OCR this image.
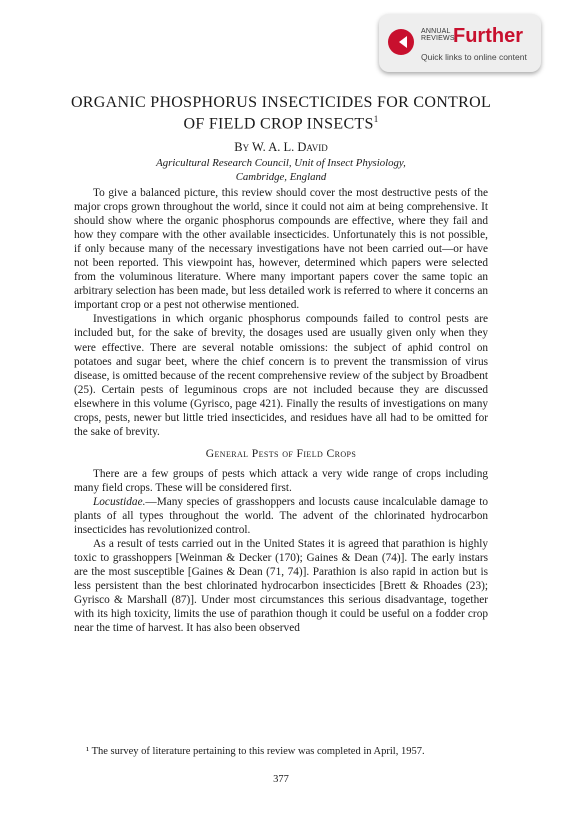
ANNUAL
REVIEWS
Further
Quick links to online content
ORGANIC PHOSPHORUS INSECTICIDES FOR CONTROL
OF FIELD CROP INSECTS$^1$
By W. A. L. David
Agricultural Research Council, Unit of Insect Physiology,
Cambridge, England

To give a balanced picture, this review should cover the most destructive pests of the major crops grown throughout the world, since it could not aim at being comprehensive. It should show where the organic phosphorus compounds are effective, where they fail and how they compare with the other available insecticides. Unfortunately this is not possible, if only because many of the necessary investigations have not been carried out—or have not been reported. This viewpoint has, however, determined which papers were selected from the voluminous literature. Where many important papers cover the same topic an arbitrary selection has been made, but less detailed work is referred to where it concerns an important crop or a pest not otherwise mentioned.

Investigations in which organic phosphorus compounds failed to control pests are included but, for the sake of brevity, the dosages used are usually given only when they were effective. There are several notable omissions: the subject of aphid control on potatoes and sugar beet, where the chief concern is to prevent the transmission of virus disease, is omitted because of the recent comprehensive review of the subject by Broadbent (25). Certain pests of leguminous crops are not included because they are discussed elsewhere in this volume (Gyrisco, page 421). Finally the results of investigations on many crops, pests, newer but little tried insecticides, and residues have all had to be omitted for the sake of brevity.

General Pests of Field Crops

There are a few groups of pests which attack a very wide range of crops including many field crops. These will be considered first.

Locustidae.—Many species of grasshoppers and locusts cause incalculable damage to plants of all types throughout the world. The advent of the chlorinated hydrocarbon insecticides has revolutionized control.

As a result of tests carried out in the United States it is agreed that parathion is highly toxic to grasshoppers [Weinman & Decker (170); Gaines & Dean (74)]. The early instars are the most susceptible [Gaines & Dean (71, 74)]. Parathion is also rapid in action but is less persistent than the best chlorinated hydrocarbon insecticides [Brett & Rhoades (23); Gyrisco & Marshall (87)]. Under most circumstances this serious disadvantage, together with its high toxicity, limits the use of parathion though it could be useful on a fodder crop near the time of harvest. It has also been observed

¹ The survey of literature pertaining to this review was completed in April, 1957.
377
